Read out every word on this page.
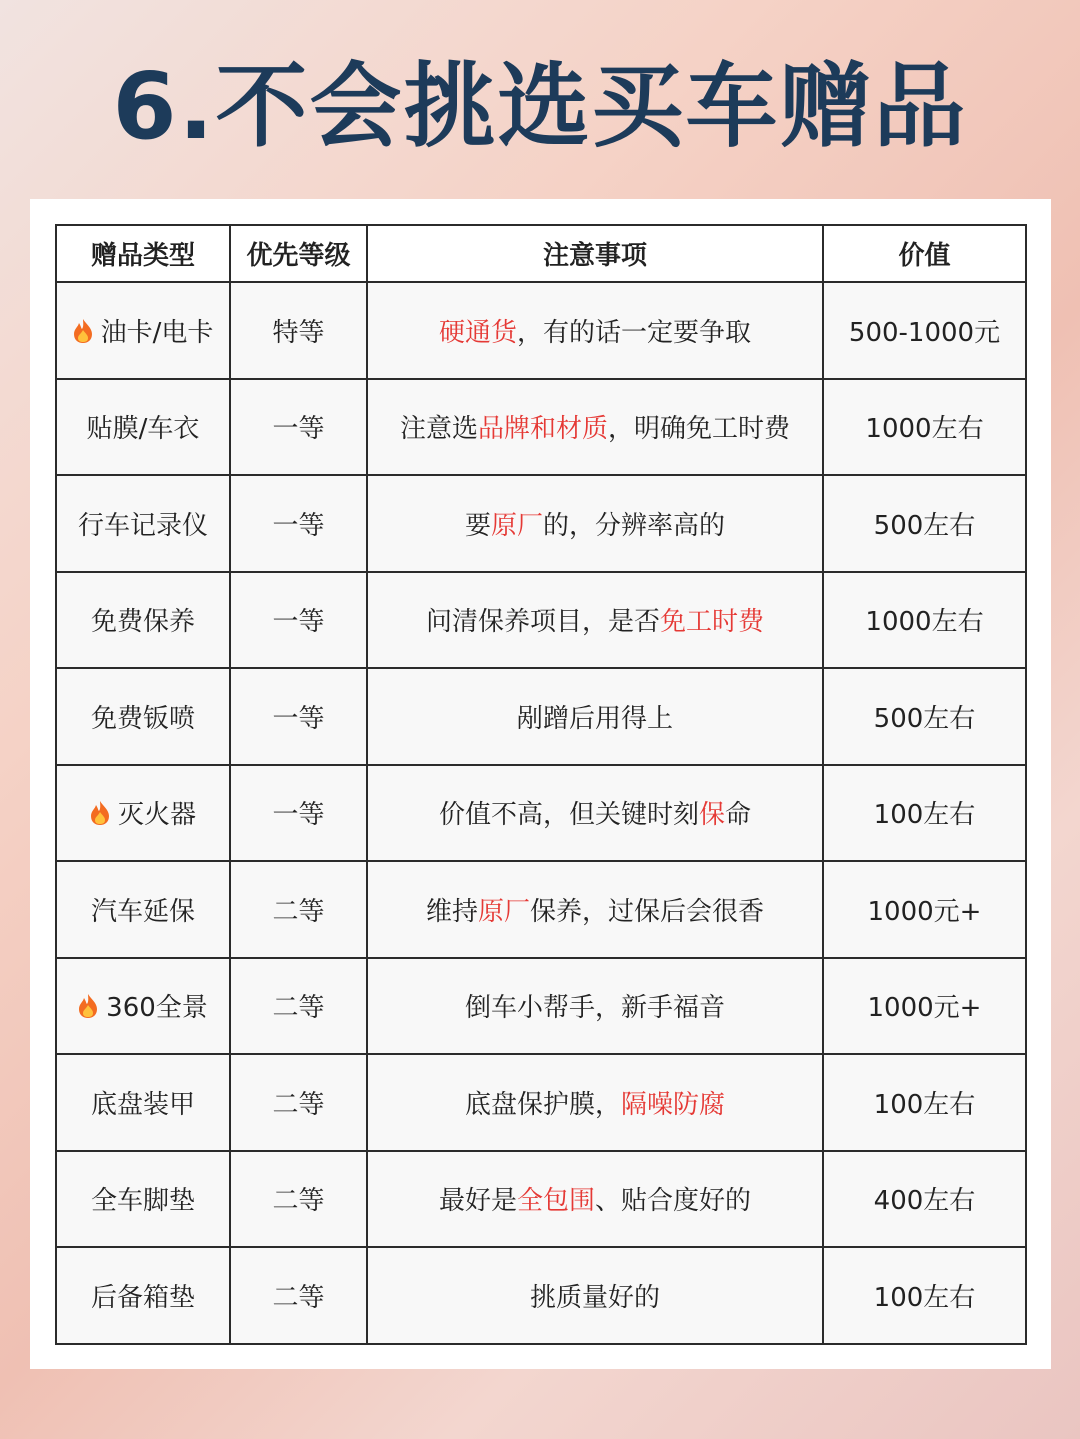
6.不会挑选买车赠品
赠品类型	优先等级	注意事项	价值
油卡/电卡	特等	硬通货，有的话一定要争取	500-1000元
贴膜/车衣	一等	注意选品牌和材质，明确免工时费	1000左右
行车记录仪	一等	要原厂的，分辨率高的	500左右
免费保养	一等	问清保养项目，是否免工时费	1000左右
免费钣喷	一等	剐蹭后用得上	500左右
灭火器	一等	价值不高，但关键时刻保命	100左右
汽车延保	二等	维持原厂保养，过保后会很香	1000元+
360全景	二等	倒车小帮手，新手福音	1000元+
底盘装甲	二等	底盘保护膜，隔噪防腐	100左右
全车脚垫	二等	最好是全包围、贴合度好的	400左右
后备箱垫	二等	挑质量好的	100左右
